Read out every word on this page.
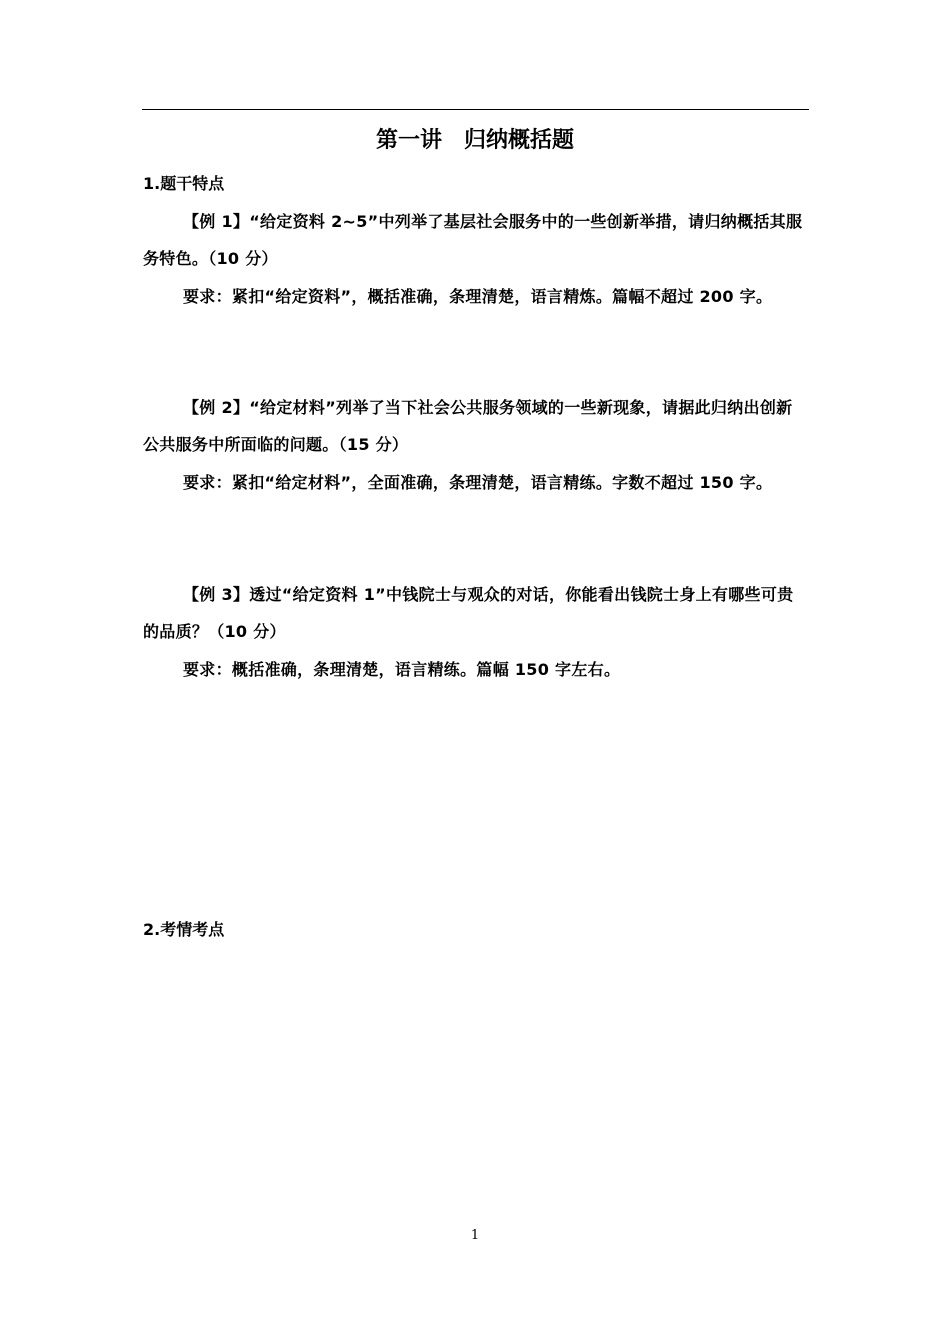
第一讲　归纳概括题
1.题干特点
【例 1】“给定资料 2~5”中列举了基层社会服务中的一些创新举措，请归纳概括其服务特色。（10 分）
要求：紧扣“给定资料”，概括准确，条理清楚，语言精炼。篇幅不超过 200 字。
【例 2】“给定材料”列举了当下社会公共服务领域的一些新现象，请据此归纳出创新公共服务中所面临的问题。（15 分）
要求：紧扣“给定材料”，全面准确，条理清楚，语言精练。字数不超过 150 字。
【例 3】透过“给定资料 1”中钱院士与观众的对话，你能看出钱院士身上有哪些可贵的品质？（10 分）
要求：概括准确，条理清楚，语言精练。篇幅 150 字左右。
2.考情考点
1
